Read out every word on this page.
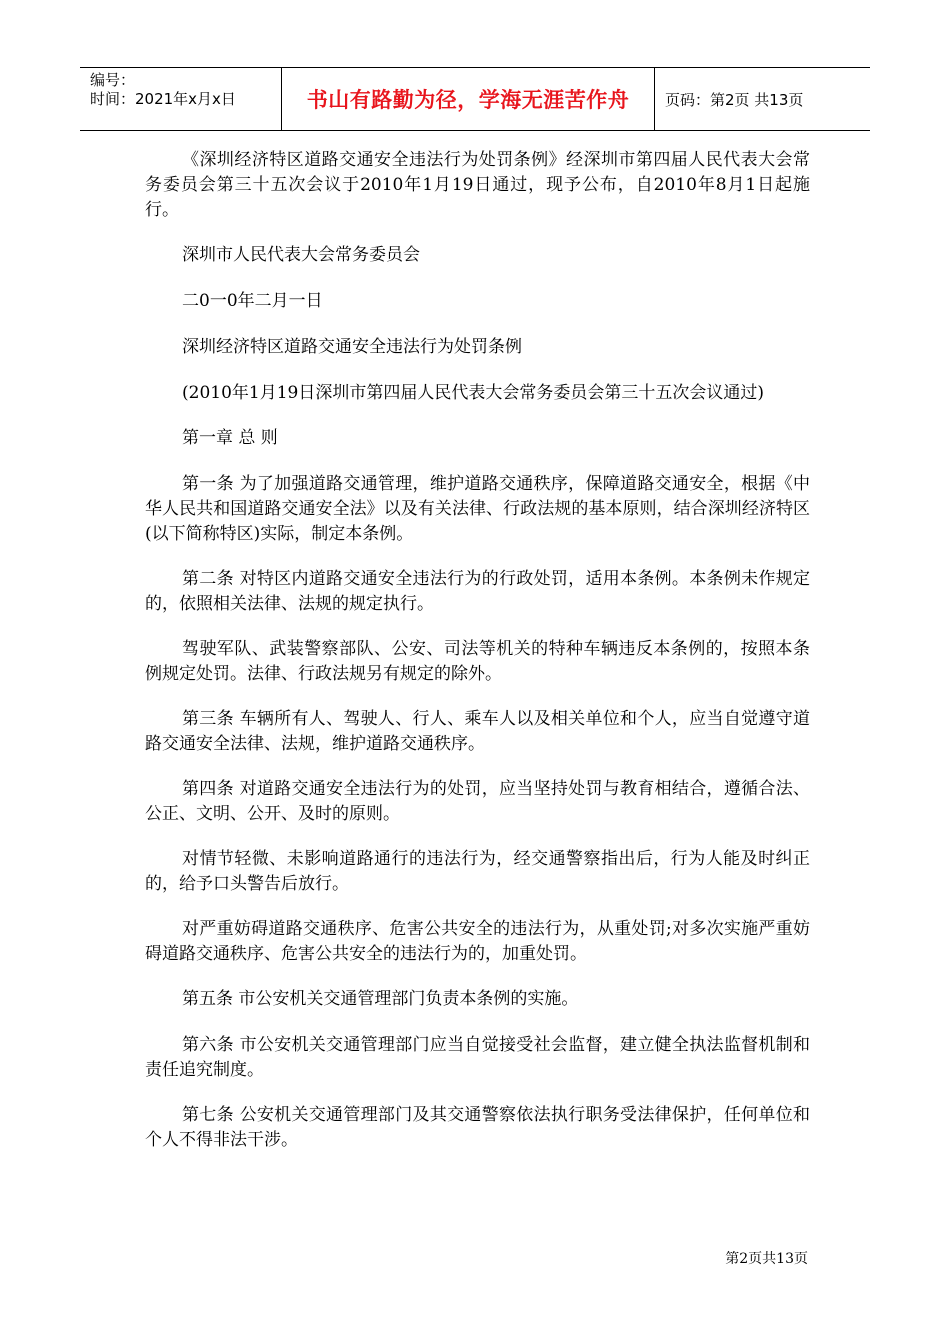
编号：
时间：2021年x月x日	书山有路勤为径，学海无涯苦作舟	页码：第2页 共13页

《深圳经济特区道路交通安全违法行为处罚条例》经深圳市第四届人民代表大会常务委员会第三十五次会议于2010年1月19日通过，现予公布，自2010年8月1日起施行。

深圳市人民代表大会常务委员会

二0一0年二月一日

深圳经济特区道路交通安全违法行为处罚条例

(2010年1月19日深圳市第四届人民代表大会常务委员会第三十五次会议通过)

第一章 总 则

第一条 为了加强道路交通管理，维护道路交通秩序，保障道路交通安全，根据《中华人民共和国道路交通安全法》以及有关法律、行政法规的基本原则，结合深圳经济特区(以下简称特区)实际，制定本条例。

第二条 对特区内道路交通安全违法行为的行政处罚，适用本条例。本条例未作规定的，依照相关法律、法规的规定执行。

驾驶军队、武装警察部队、公安、司法等机关的特种车辆违反本条例的，按照本条例规定处罚。法律、行政法规另有规定的除外。

第三条 车辆所有人、驾驶人、行人、乘车人以及相关单位和个人，应当自觉遵守道路交通安全法律、法规，维护道路交通秩序。

第四条 对道路交通安全违法行为的处罚，应当坚持处罚与教育相结合，遵循合法、公正、文明、公开、及时的原则。

对情节轻微、未影响道路通行的违法行为，经交通警察指出后，行为人能及时纠正的，给予口头警告后放行。

对严重妨碍道路交通秩序、危害公共安全的违法行为，从重处罚;对多次实施严重妨碍道路交通秩序、危害公共安全的违法行为的，加重处罚。

第五条 市公安机关交通管理部门负责本条例的实施。

第六条 市公安机关交通管理部门应当自觉接受社会监督，建立健全执法监督机制和责任追究制度。

第七条 公安机关交通管理部门及其交通警察依法执行职务受法律保护，任何单位和个人不得非法干涉。

第2页共13页
